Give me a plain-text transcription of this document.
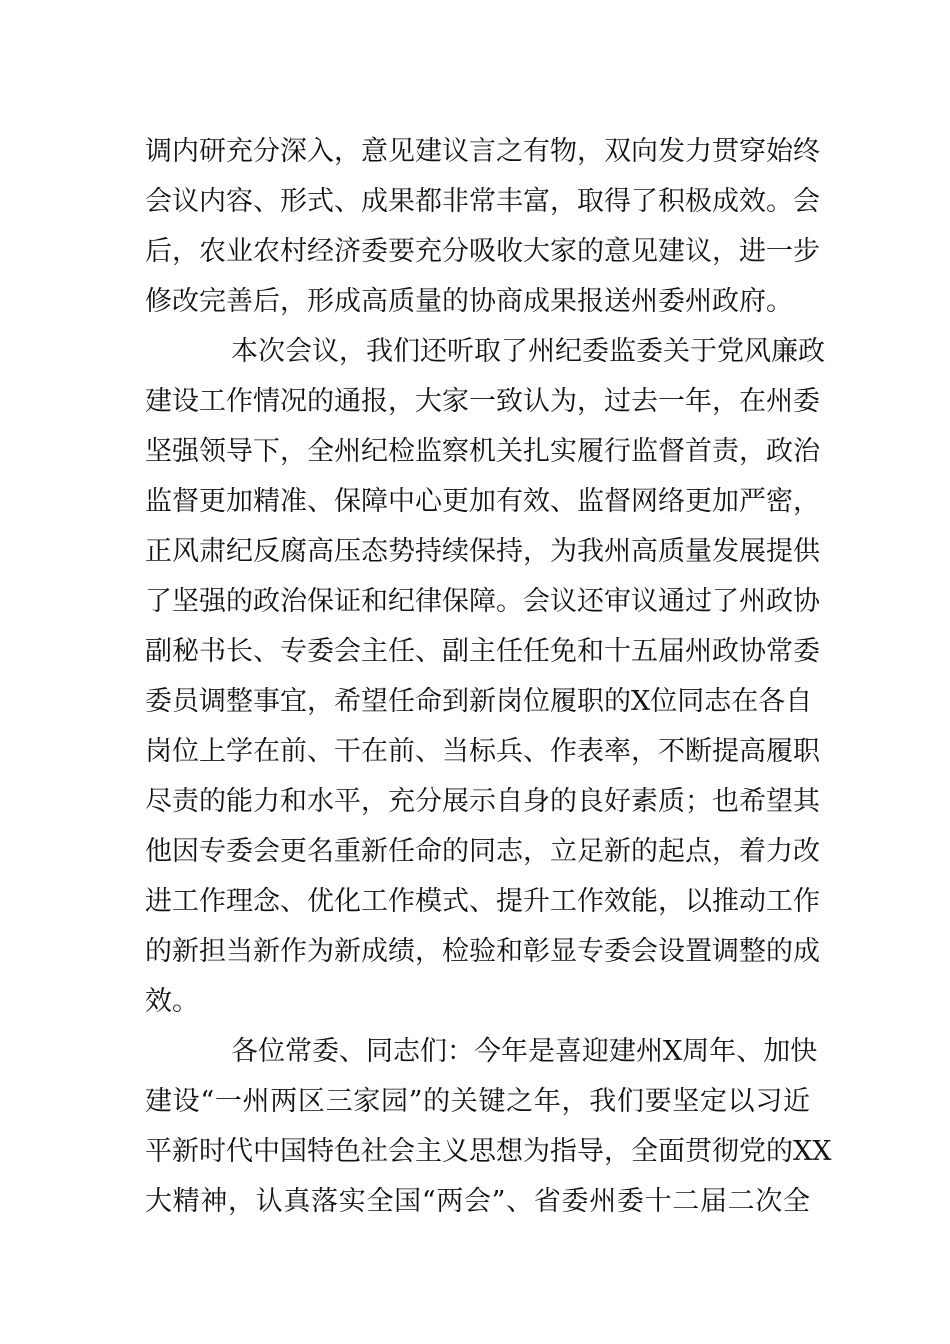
调内研充分深入，意见建议言之有物，双向发力贯穿始终
会议内容、形式、成果都非常丰富，取得了积极成效。会
后，农业农村经济委要充分吸收大家的意见建议，进一步
修改完善后，形成高质量的协商成果报送州委州政府。
本次会议，我们还听取了州纪委监委关于党风廉政
建设工作情况的通报，大家一致认为，过去一年，在州委
坚强领导下，全州纪检监察机关扎实履行监督首责，政治
监督更加精准、保障中心更加有效、监督网络更加严密，
正风肃纪反腐高压态势持续保持，为我州高质量发展提供
了坚强的政治保证和纪律保障。会议还审议通过了州政协
副秘书长、专委会主任、副主任任免和十五届州政协常委
委员调整事宜，希望任命到新岗位履职的X位同志在各自
岗位上学在前、干在前、当标兵、作表率，不断提高履职
尽责的能力和水平，充分展示自身的良好素质；也希望其
他因专委会更名重新任命的同志，立足新的起点，着力改
进工作理念、优化工作模式、提升工作效能，以推动工作
的新担当新作为新成绩，检验和彰显专委会设置调整的成
效。
各位常委、同志们：今年是喜迎建州X周年、加快
建设“一州两区三家园”的关键之年，我们要坚定以习近
平新时代中国特色社会主义思想为指导，全面贯彻党的XX
大精神，认真落实全国“两会”、省委州委十二届二次全
